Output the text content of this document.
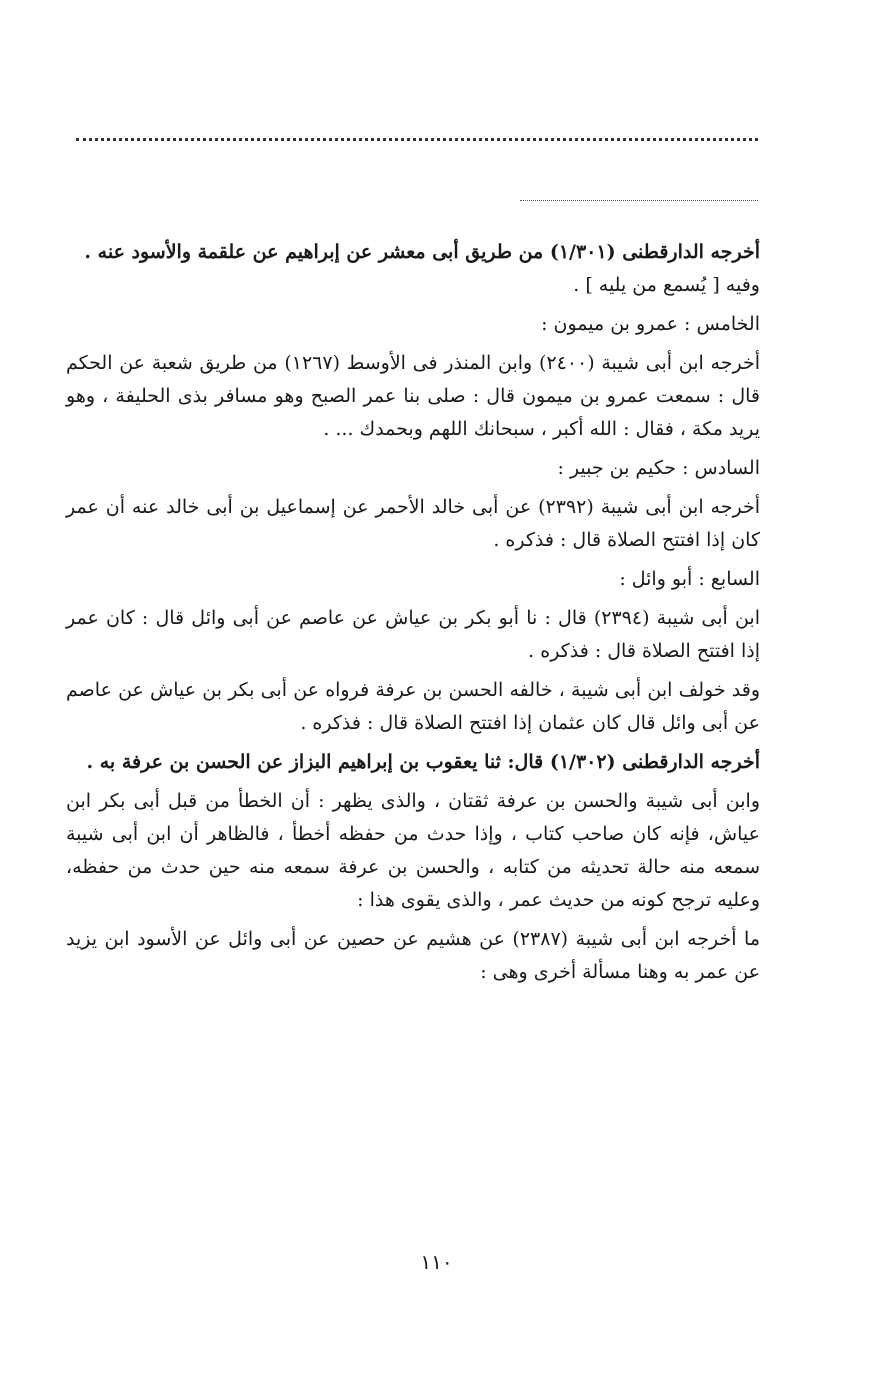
أخرجه الدارقطنى (١/٣٠١) من طريق أبى معشر عن إبراهيم عن علقمة والأسود عنه .

وفيه [ يُسمع من يليه ] .

الخامس : عمرو بن ميمون :

أخرجه ابن أبى شيبة (٢٤٠٠) وابن المنذر فى الأوسط (١٢٦٧) من طريق شعبة عن الحكم قال : سمعت عمرو بن ميمون قال : صلى بنا عمر الصبح وهو مسافر بذى الحليفة ، وهو يريد مكة ، فقال : الله أكبر ، سبحانك اللهم وبحمدك ... .

السادس : حكيم بن جبير :

أخرجه ابن أبى شيبة (٢٣٩٢) عن أبى خالد الأحمر عن إسماعيل بن أبى خالد عنه أن عمر كان إذا افتتح الصلاة قال : فذكره .

السابع : أبو وائل :

ابن أبى شيبة (٢٣٩٤) قال : نا أبو بكر بن عياش عن عاصم عن أبى وائل قال : كان عمر إذا افتتح الصلاة قال : فذكره .

وقد خولف ابن أبى شيبة ، خالفه الحسن بن عرفة فرواه عن أبى بكر بن عياش عن عاصم عن أبى وائل قال كان عثمان إذا افتتح الصلاة قال : فذكره .

أخرجه الدارقطنى (١/٣٠٢) قال: ثنا يعقوب بن إبراهيم البزاز عن الحسن بن عرفة به .

وابن أبى شيبة والحسن بن عرفة ثقتان ، والذى يظهر : أن الخطأ من قبل أبى بكر ابن عياش، فإنه كان صاحب كتاب ، وإذا حدث من حفظه أخطأ ، فالظاهر أن ابن أبى شيبة سمعه منه حالة تحديثه من كتابه ، والحسن بن عرفة سمعه منه حين حدث من حفظه، وعليه ترجح كونه من حديث عمر ، والذى يقوى هذا :

ما أخرجه ابن أبى شيبة (٢٣٨٧) عن هشيم عن حصين عن أبى وائل عن الأسود ابن يزيد عن عمر به وهنا مسألة أخرى وهى :

١١٠
